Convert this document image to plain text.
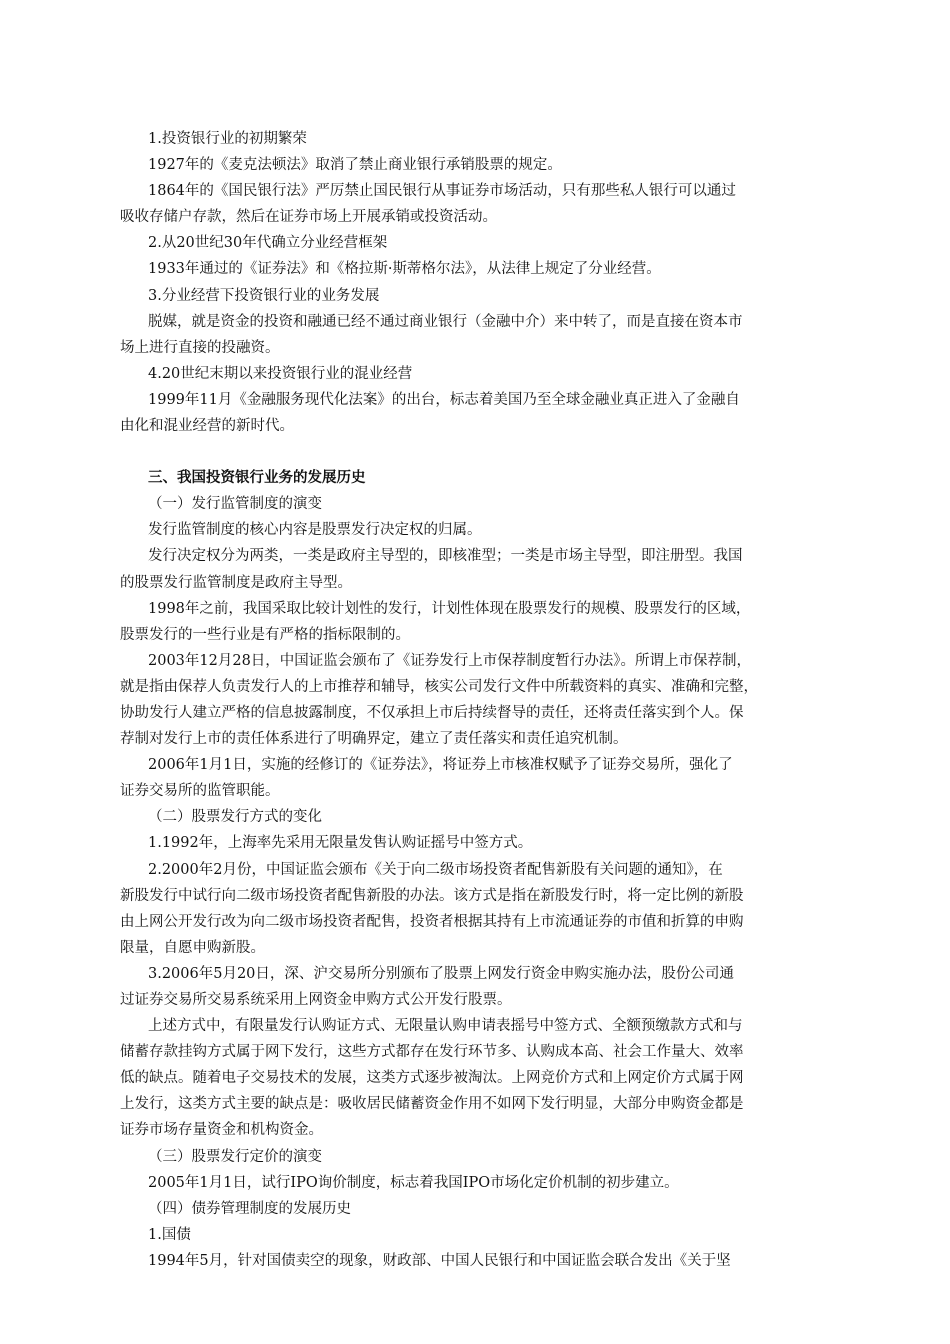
1.投资银行业的初期繁荣

1927年的《麦克法顿法》取消了禁止商业银行承销股票的规定。

1864年的《国民银行法》严厉禁止国民银行从事证券市场活动，只有那些私人银行可以通过

吸收存储户存款，然后在证券市场上开展承销或投资活动。

2.从20世纪30年代确立分业经营框架

1933年通过的《证券法》和《格拉斯·斯蒂格尔法》，从法律上规定了分业经营。

3.分业经营下投资银行业的业务发展

脱媒，就是资金的投资和融通已经不通过商业银行（金融中介）来中转了，而是直接在资本市

场上进行直接的投融资。

4.20世纪末期以来投资银行业的混业经营

1999年11月《金融服务现代化法案》的出台，标志着美国乃至全球金融业真正进入了金融自

由化和混业经营的新时代。

三、我国投资银行业务的发展历史

（一）发行监管制度的演变

发行监管制度的核心内容是股票发行决定权的归属。

发行决定权分为两类，一类是政府主导型的，即核准型；一类是市场主导型，即注册型。我国

的股票发行监管制度是政府主导型。

1998年之前，我国采取比较计划性的发行，计划性体现在股票发行的规模、股票发行的区域，

股票发行的一些行业是有严格的指标限制的。

2003年12月28日，中国证监会颁布了《证券发行上市保荐制度暂行办法》。所谓上市保荐制，

就是指由保荐人负责发行人的上市推荐和辅导，核实公司发行文件中所载资料的真实、准确和完整，

协助发行人建立严格的信息披露制度，不仅承担上市后持续督导的责任，还将责任落实到个人。保

荐制对发行上市的责任体系进行了明确界定，建立了责任落实和责任追究机制。

2006年1月1日，实施的经修订的《证券法》，将证券上市核准权赋予了证券交易所，强化了

证券交易所的监管职能。

（二）股票发行方式的变化

1.1992年，上海率先采用无限量发售认购证摇号中签方式。

2.2000年2月份，中国证监会颁布《关于向二级市场投资者配售新股有关问题的通知》，在

新股发行中试行向二级市场投资者配售新股的办法。该方式是指在新股发行时，将一定比例的新股

由上网公开发行改为向二级市场投资者配售，投资者根据其持有上市流通证券的市值和折算的申购

限量，自愿申购新股。

3.2006年5月20日，深、沪交易所分别颁布了股票上网发行资金申购实施办法，股份公司通

过证券交易所交易系统采用上网资金申购方式公开发行股票。

上述方式中，有限量发行认购证方式、无限量认购申请表摇号中签方式、全额预缴款方式和与

储蓄存款挂钩方式属于网下发行，这些方式都存在发行环节多、认购成本高、社会工作量大、效率

低的缺点。随着电子交易技术的发展，这类方式逐步被淘汰。上网竞价方式和上网定价方式属于网

上发行，这类方式主要的缺点是：吸收居民储蓄资金作用不如网下发行明显，大部分申购资金都是

证券市场存量资金和机构资金。

（三）股票发行定价的演变

2005年1月1日，试行IPO询价制度，标志着我国IPO市场化定价机制的初步建立。

（四）债券管理制度的发展历史

1.国债

1994年5月，针对国债卖空的现象，财政部、中国人民银行和中国证监会联合发出《关于坚
